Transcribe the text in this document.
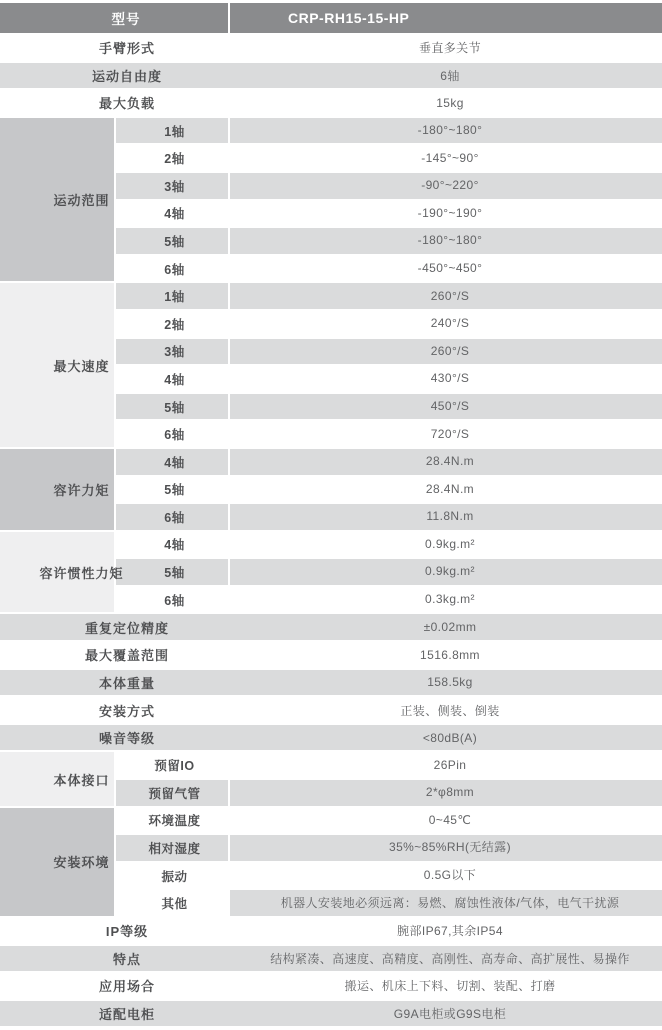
型号	CRP-RH15-15-HP
手臂形式	垂直多关节
运动自由度	6轴
最大负载	15kg
运动范围
1轴	-180°~180°
2轴	-145°~90°
3轴	-90°~220°
4轴	-190°~190°
5轴	-180°~180°
6轴	-450°~450°
最大速度
1轴	260°/S
2轴	240°/S
3轴	260°/S
4轴	430°/S
5轴	450°/S
6轴	720°/S
容许力矩
4轴	28.4N.m
5轴	28.4N.m
6轴	11.8N.m
容许惯性力矩
4轴	0.9kg.m²
5轴	0.9kg.m²
6轴	0.3kg.m²
重复定位精度	±0.02mm
最大覆盖范围	1516.8mm
本体重量	158.5kg
安装方式	正装、侧装、倒装
噪音等级	<80dB(A)
本体接口
预留IO	26Pin
预留气管	2*φ8mm
安装环境
环境温度	0~45℃
相对湿度	35%~85%RH(无结露)
振动	0.5G以下
其他	机器人安装地必须远离：易燃、腐蚀性液体/气体，电气干扰源
IP等级	腕部IP67,其余IP54
特点	结构紧凑、高速度、高精度、高刚性、高寿命、高扩展性、易操作
应用场合	搬运、机床上下料、切割、装配、打磨
适配电柜	G9A电柜或G9S电柜
